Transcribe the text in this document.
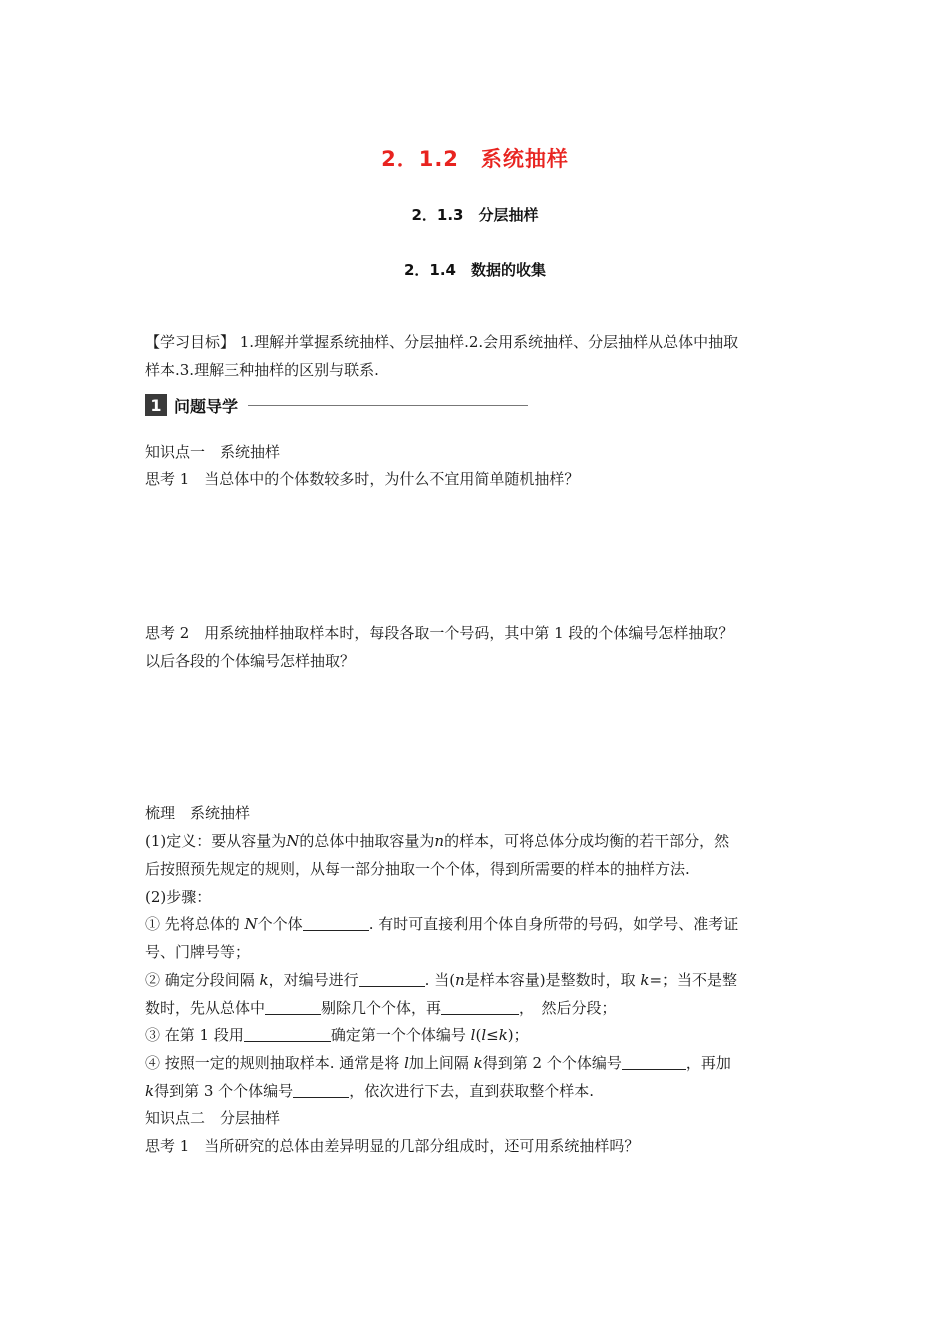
2．1.2　系统抽样
2．1.3　分层抽样
2．1.4　数据的收集
【学习目标】 1.理解并掌握系统抽样、分层抽样.2.会用系统抽样、分层抽样从总体中抽取
样本.3.理解三种抽样的区别与联系.
1 问题导学
知识点一　系统抽样
思考 1　当总体中的个体数较多时，为什么不宜用简单随机抽样？
思考 2　用系统抽样抽取样本时，每段各取一个号码，其中第 1 段的个体编号怎样抽取？
以后各段的个体编号怎样抽取？
梳理　系统抽样
(1)定义：要从容量为N的总体中抽取容量为n的样本，可将总体分成均衡的若干部分，然
后按照预先规定的规则，从每一部分抽取一个个体，得到所需要的样本的抽样方法.
(2)步骤：
① 先将总体的 N个个体	. 有时可直接利用个体自身所带的号码，如学号、准考证
号、门牌号等；
② 确定分段间隔 k，对编号进行	. 当(n是样本容量)是整数时，取 k=；当不是整
数时，先从总体中	剔除几个个体，再	，　然后分段；
③ 在第 1 段用	确定第一个个体编号 l(l≤k)；
④ 按照一定的规则抽取样本. 通常是将 l加上间隔 k得到第 2 个个体编号	，再加
k得到第 3 个个体编号	，依次进行下去，直到获取整个样本.
知识点二　分层抽样
思考 1　当所研究的总体由差异明显的几部分组成时，还可用系统抽样吗？
